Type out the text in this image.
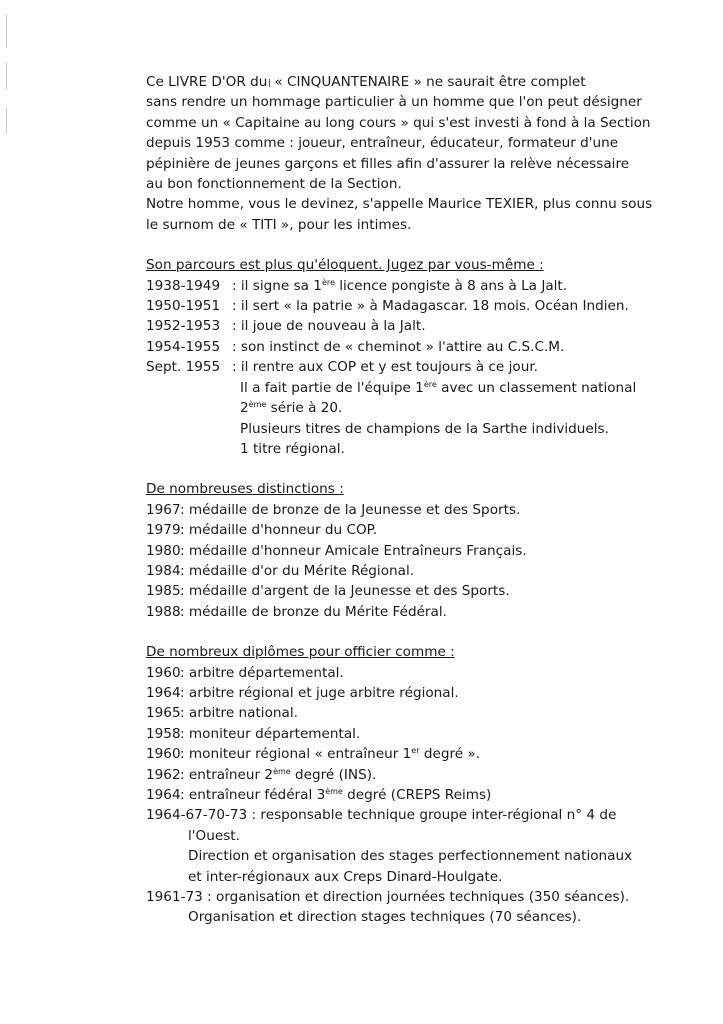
Ce LIVRE D'OR du « CINQUANTENAIRE » ne saurait être complet
sans rendre un hommage particulier à un homme que l'on peut désigner
comme un « Capitaine au long cours » qui s'est investi à fond à la Section
depuis 1953 comme : joueur, entraîneur, éducateur, formateur d'une
pépinière de jeunes garçons et filles afin d'assurer la relève nécessaire
au bon fonctionnement de la Section.
Notre homme, vous le devinez, s'appelle Maurice TEXIER, plus connu sous
le surnom de « TITI », pour les intimes.
Son parcours est plus qu'éloquent. Jugez par vous-même :
1938-1949 : il signe sa 1ère licence pongiste à 8 ans à La Jalt.
1950-1951 : il sert « la patrie » à Madagascar. 18 mois. Océan Indien.
1952-1953 : il joue de nouveau à la Jalt.
1954-1955 : son instinct de « cheminot » l'attire au C.S.C.M.
Sept. 1955 : il rentre aux COP et y est toujours à ce jour.
Il a fait partie de l'équipe 1ère avec un classement national
2ème série à 20.
Plusieurs titres de champions de la Sarthe individuels.
1 titre régional.
De nombreuses distinctions :
1967 : médaille de bronze de la Jeunesse et des Sports.
1979 : médaille d'honneur du COP.
1980 : médaille d'honneur Amicale Entraîneurs Français.
1984 : médaille d'or du Mérite Régional.
1985 : médaille d'argent de la Jeunesse et des Sports.
1988 : médaille de bronze du Mérite Fédéral.
De nombreux diplômes pour officier comme :
1960 : arbitre départemental.
1964 : arbitre régional et juge arbitre régional.
1965 : arbitre national.
1958 : moniteur départemental.
1960 : moniteur régional « entraîneur 1er degré ».
1962 : entraîneur 2ème degré (INS).
1964 : entraîneur fédéral 3ème degré (CREPS Reims)
1964-67-70-73 : responsable technique groupe inter-régional n° 4 de
l'Ouest.
Direction et organisation des stages perfectionnement nationaux
et inter-régionaux aux Creps Dinard-Houlgate.
1961-73 : organisation et direction journées techniques (350 séances).
Organisation et direction stages techniques (70 séances).
